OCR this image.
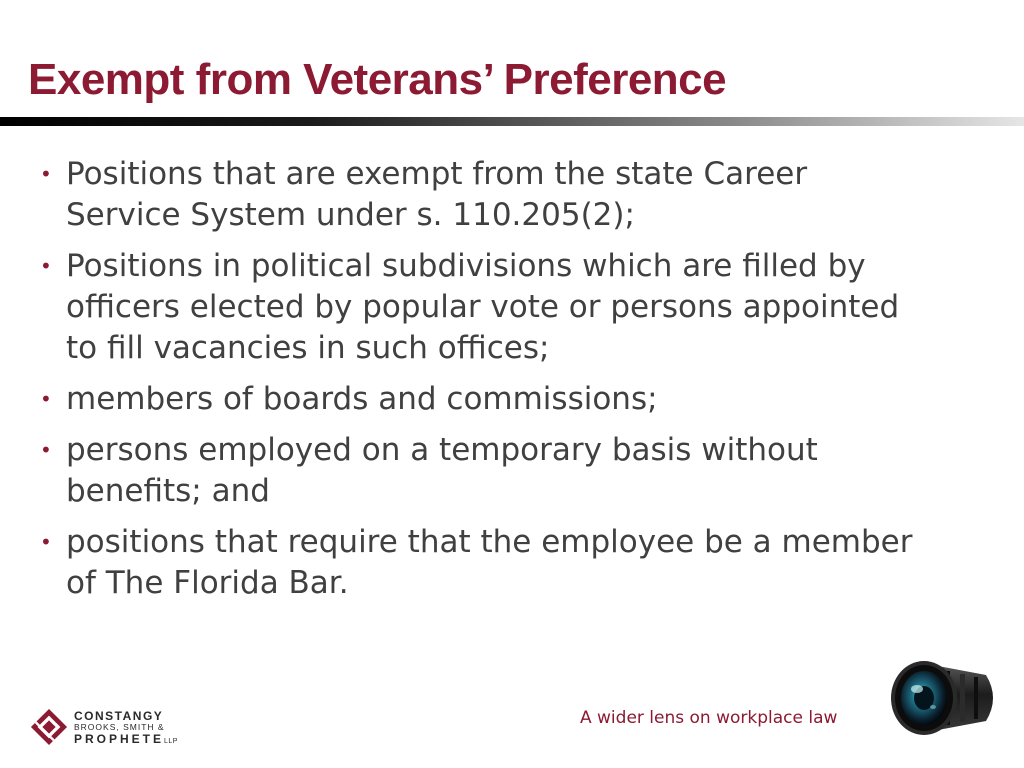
Exempt from Veterans’ Preference
• Positions that are exempt from the state Career Service System under s. 110.205(2);
• Positions in political subdivisions which are filled by officers elected by popular vote or persons appointed to fill vacancies in such offices;
• members of boards and commissions;
• persons employed on a temporary basis without benefits; and
• positions that require that the employee be a member of The Florida Bar.
CONSTANGY
BROOKS, SMITH &
PROPHETELLP
A wider lens on workplace law
